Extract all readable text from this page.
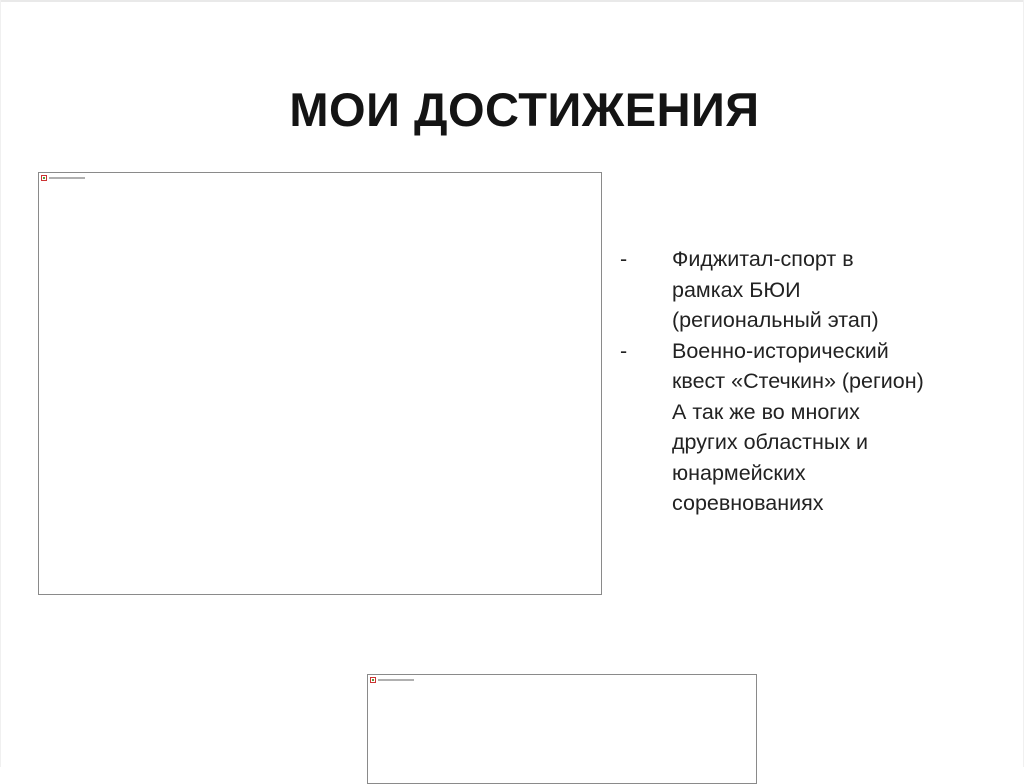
МОИ ДОСТИЖЕНИЯ
-	Фиджитал-спорт в
рамках БЮИ
(региональный этап)
-	Военно-исторический
квест «Стечкин» (регион)
А так же во многих
других областных и
юнармейских
соревнованиях
